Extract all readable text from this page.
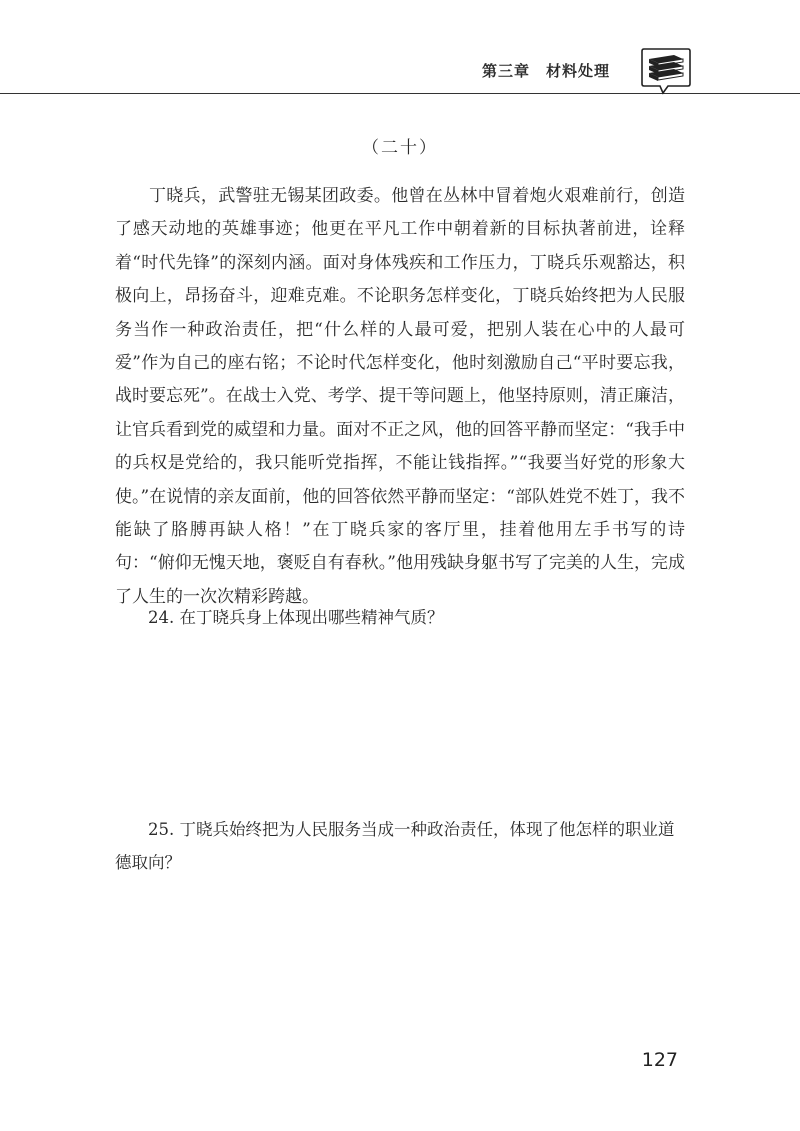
第三章　材料处理
（二十）

丁晓兵，武警驻无锡某团政委。他曾在丛林中冒着炮火艰难前行，创造了感天动地的英雄事迹；他更在平凡工作中朝着新的目标执著前进，诠释着“时代先锋”的深刻内涵。面对身体残疾和工作压力，丁晓兵乐观豁达，积极向上，昂扬奋斗，迎难克难。不论职务怎样变化，丁晓兵始终把为人民服务当作一种政治责任，把“什么样的人最可爱，把别人装在心中的人最可爱”作为自己的座右铭；不论时代怎样变化，他时刻激励自己“平时要忘我，战时要忘死”。在战士入党、考学、提干等问题上，他坚持原则，清正廉洁，让官兵看到党的威望和力量。面对不正之风，他的回答平静而坚定：“我手中的兵权是党给的，我只能听党指挥，不能让钱指挥。”“我要当好党的形象大使。”在说情的亲友面前，他的回答依然平静而坚定：“部队姓党不姓丁，我不能缺了胳膊再缺人格！”在丁晓兵家的客厅里，挂着他用左手书写的诗句：“俯仰无愧天地，褒贬自有春秋。”他用残缺身躯书写了完美的人生，完成了人生的一次次精彩跨越。

24. 在丁晓兵身上体现出哪些精神气质？

25. 丁晓兵始终把为人民服务当成一种政治责任，体现了他怎样的职业道德取向？

127
